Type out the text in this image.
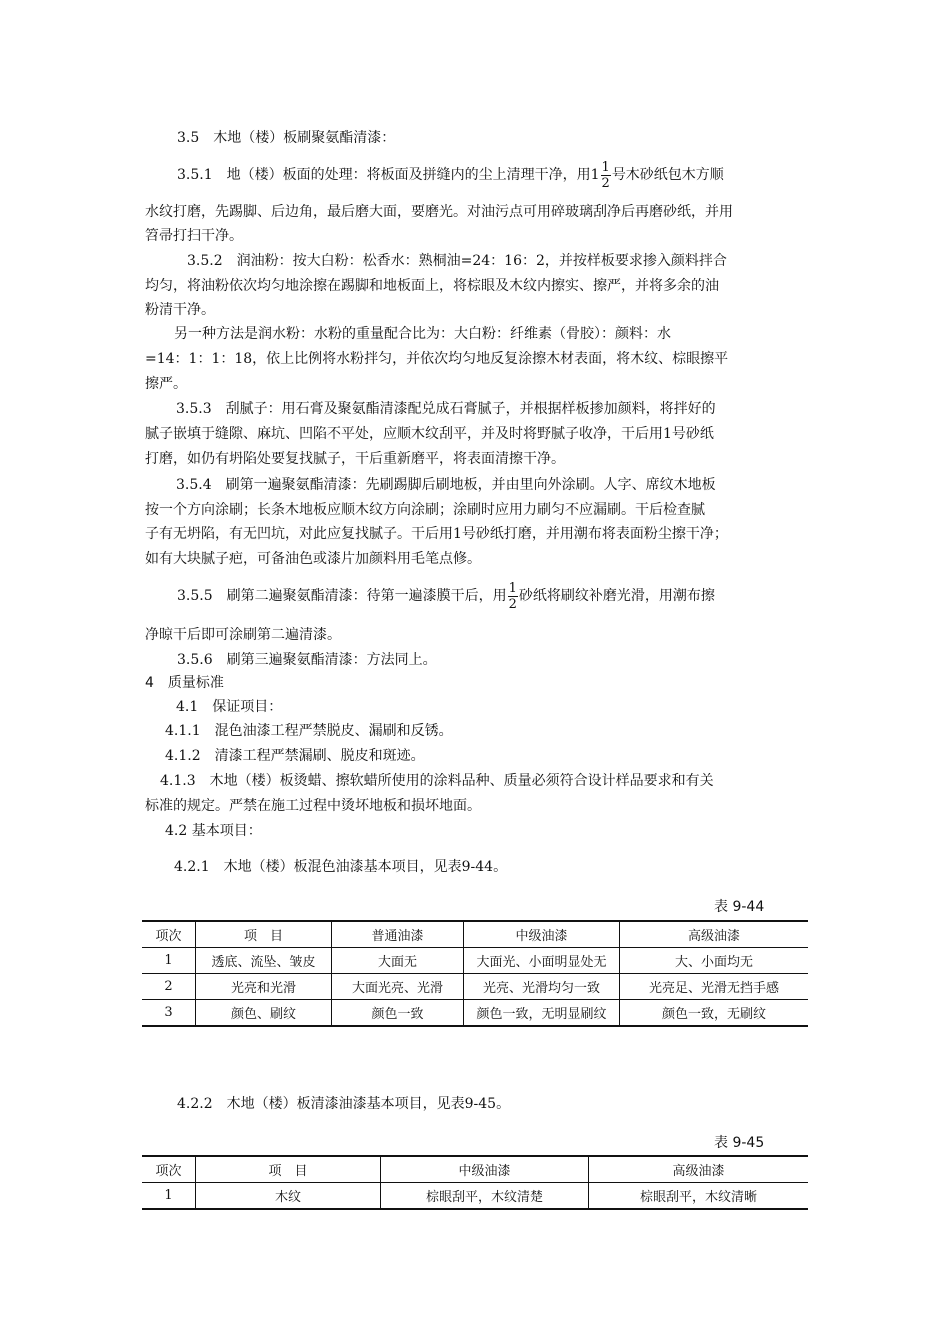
3.5　木地（楼）板刷聚氨酯清漆：
3.5.1　地（楼）板面的处理：将板面及拼缝内的尘上清理干净，用$1 \frac{1}{2}$ 号木砂纸包木方顺
水纹打磨，先踢脚、后边角，最后磨大面，要磨光。对油污点可用碎玻璃刮净后再磨砂纸，并用
笤帚打扫干净。
3.5.2　润油粉：按大白粉：松香水：熟桐油=24：16：2，并按样板要求掺入颜料拌合
均匀，将油粉依次均匀地涂擦在踢脚和地板面上，将棕眼及木纹内擦实、擦严，并将多余的油
粉清干净。
另一种方法是润水粉：水粉的重量配合比为：大白粉：纤维素（骨胶）：颜料：水
=14：1：1：18，依上比例将水粉拌匀，并依次均匀地反复涂擦木材表面，将木纹、棕眼擦平
擦严。
3.5.3　刮腻子：用石膏及聚氨酯清漆配兑成石膏腻子，并根据样板掺加颜料，将拌好的
腻子嵌填于缝隙、麻坑、凹陷不平处，应顺木纹刮平，并及时将野腻子收净，干后用1号砂纸
打磨，如仍有坍陷处要复找腻子，干后重新磨平，将表面清擦干净。
3.5.4　刷第一遍聚氨酯清漆：先刷踢脚后刷地板，并由里向外涂刷。人字、席纹木地板
按一个方向涂刷；长条木地板应顺木纹方向涂刷；涂刷时应用力刷匀不应漏刷。干后检查腻
子有无坍陷，有无凹坑，对此应复找腻子。干后用1号砂纸打磨，并用潮布将表面粉尘擦干净；
如有大块腻子疤，可备油色或漆片加颜料用毛笔点修。
3.5.5　刷第二遍聚氨酯清漆：待第一遍漆膜干后，用 $\frac{1}{2}$ 砂纸将刷纹补磨光滑，用潮布擦
净晾干后即可涂刷第二遍清漆。
3.5.6　刷第三遍聚氨酯清漆：方法同上。
4　质量标准
4.1　保证项目：
4.1.1　混色油漆工程严禁脱皮、漏刷和反锈。
4.1.2　清漆工程严禁漏刷、脱皮和斑迹。
4.1.3　木地（楼）板烫蜡、擦软蜡所使用的涂料品种、质量必须符合设计样品要求和有关
标准的规定。严禁在施工过程中烫坏地板和损坏地面。
4.2 基本项目：
4.2.1　木地（楼）板混色油漆基本项目，见表9-44。
表 9-44
项次	项　目	普通油漆	中级油漆	高级油漆
1	透底、流坠、皱皮	大面无	大面光、小面明显处无	大、小面均无
2	光亮和光滑	大面光亮、光滑	光亮、光滑均匀一致	光亮足、光滑无挡手感
3	颜色、刷纹	颜色一致	颜色一致，无明显刷纹	颜色一致，无刷纹
4.2.2　木地（楼）板清漆油漆基本项目，见表9-45。
表 9-45
项次	项　目	中级油漆	高级油漆
1	木纹	棕眼刮平，木纹清楚	棕眼刮平，木纹清晰
